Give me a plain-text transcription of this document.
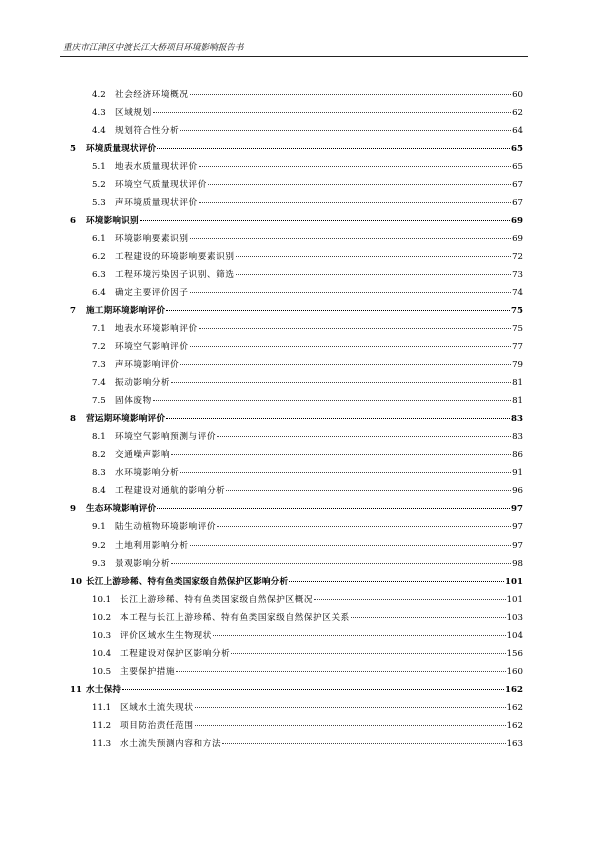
重庆市江津区中渡长江大桥项目环境影响报告书
4.2	社会经济环境概况	60
4.3	区域规划	62
4.4	规划符合性分析	64
5	环境质量现状评价	65
5.1	地表水质量现状评价	65
5.2	环境空气质量现状评价	67
5.3	声环境质量现状评价	67
6	环境影响识别	69
6.1	环境影响要素识别	69
6.2	工程建设的环境影响要素识别	72
6.3	工程环境污染因子识别、筛选	73
6.4	确定主要评价因子	74
7	施工期环境影响评价	75
7.1	地表水环境影响评价	75
7.2	环境空气影响评价	77
7.3	声环境影响评价	79
7.4	振动影响分析	81
7.5	固体废物	81
8	营运期环境影响评价	83
8.1	环境空气影响预测与评价	83
8.2	交通噪声影响	86
8.3	水环境影响分析	91
8.4	工程建设对通航的影响分析	96
9	生态环境影响评价	97
9.1	陆生动植物环境影响评价	97
9.2	土地利用影响分析	97
9.3	景观影响分析	98
10 长江上游珍稀、特有鱼类国家级自然保护区影响分析	101
10.1	长江上游珍稀、特有鱼类国家级自然保护区概况	101
10.2	本工程与长江上游珍稀、特有鱼类国家级自然保护区关系	103
10.3	评价区域水生生物现状	104
10.4	工程建设对保护区影响分析	156
10.5	主要保护措施	160
11 水土保持	162
11.1	区域水土流失现状	162
11.2	项目防治责任范围	162
11.3	水土流失预测内容和方法	163
